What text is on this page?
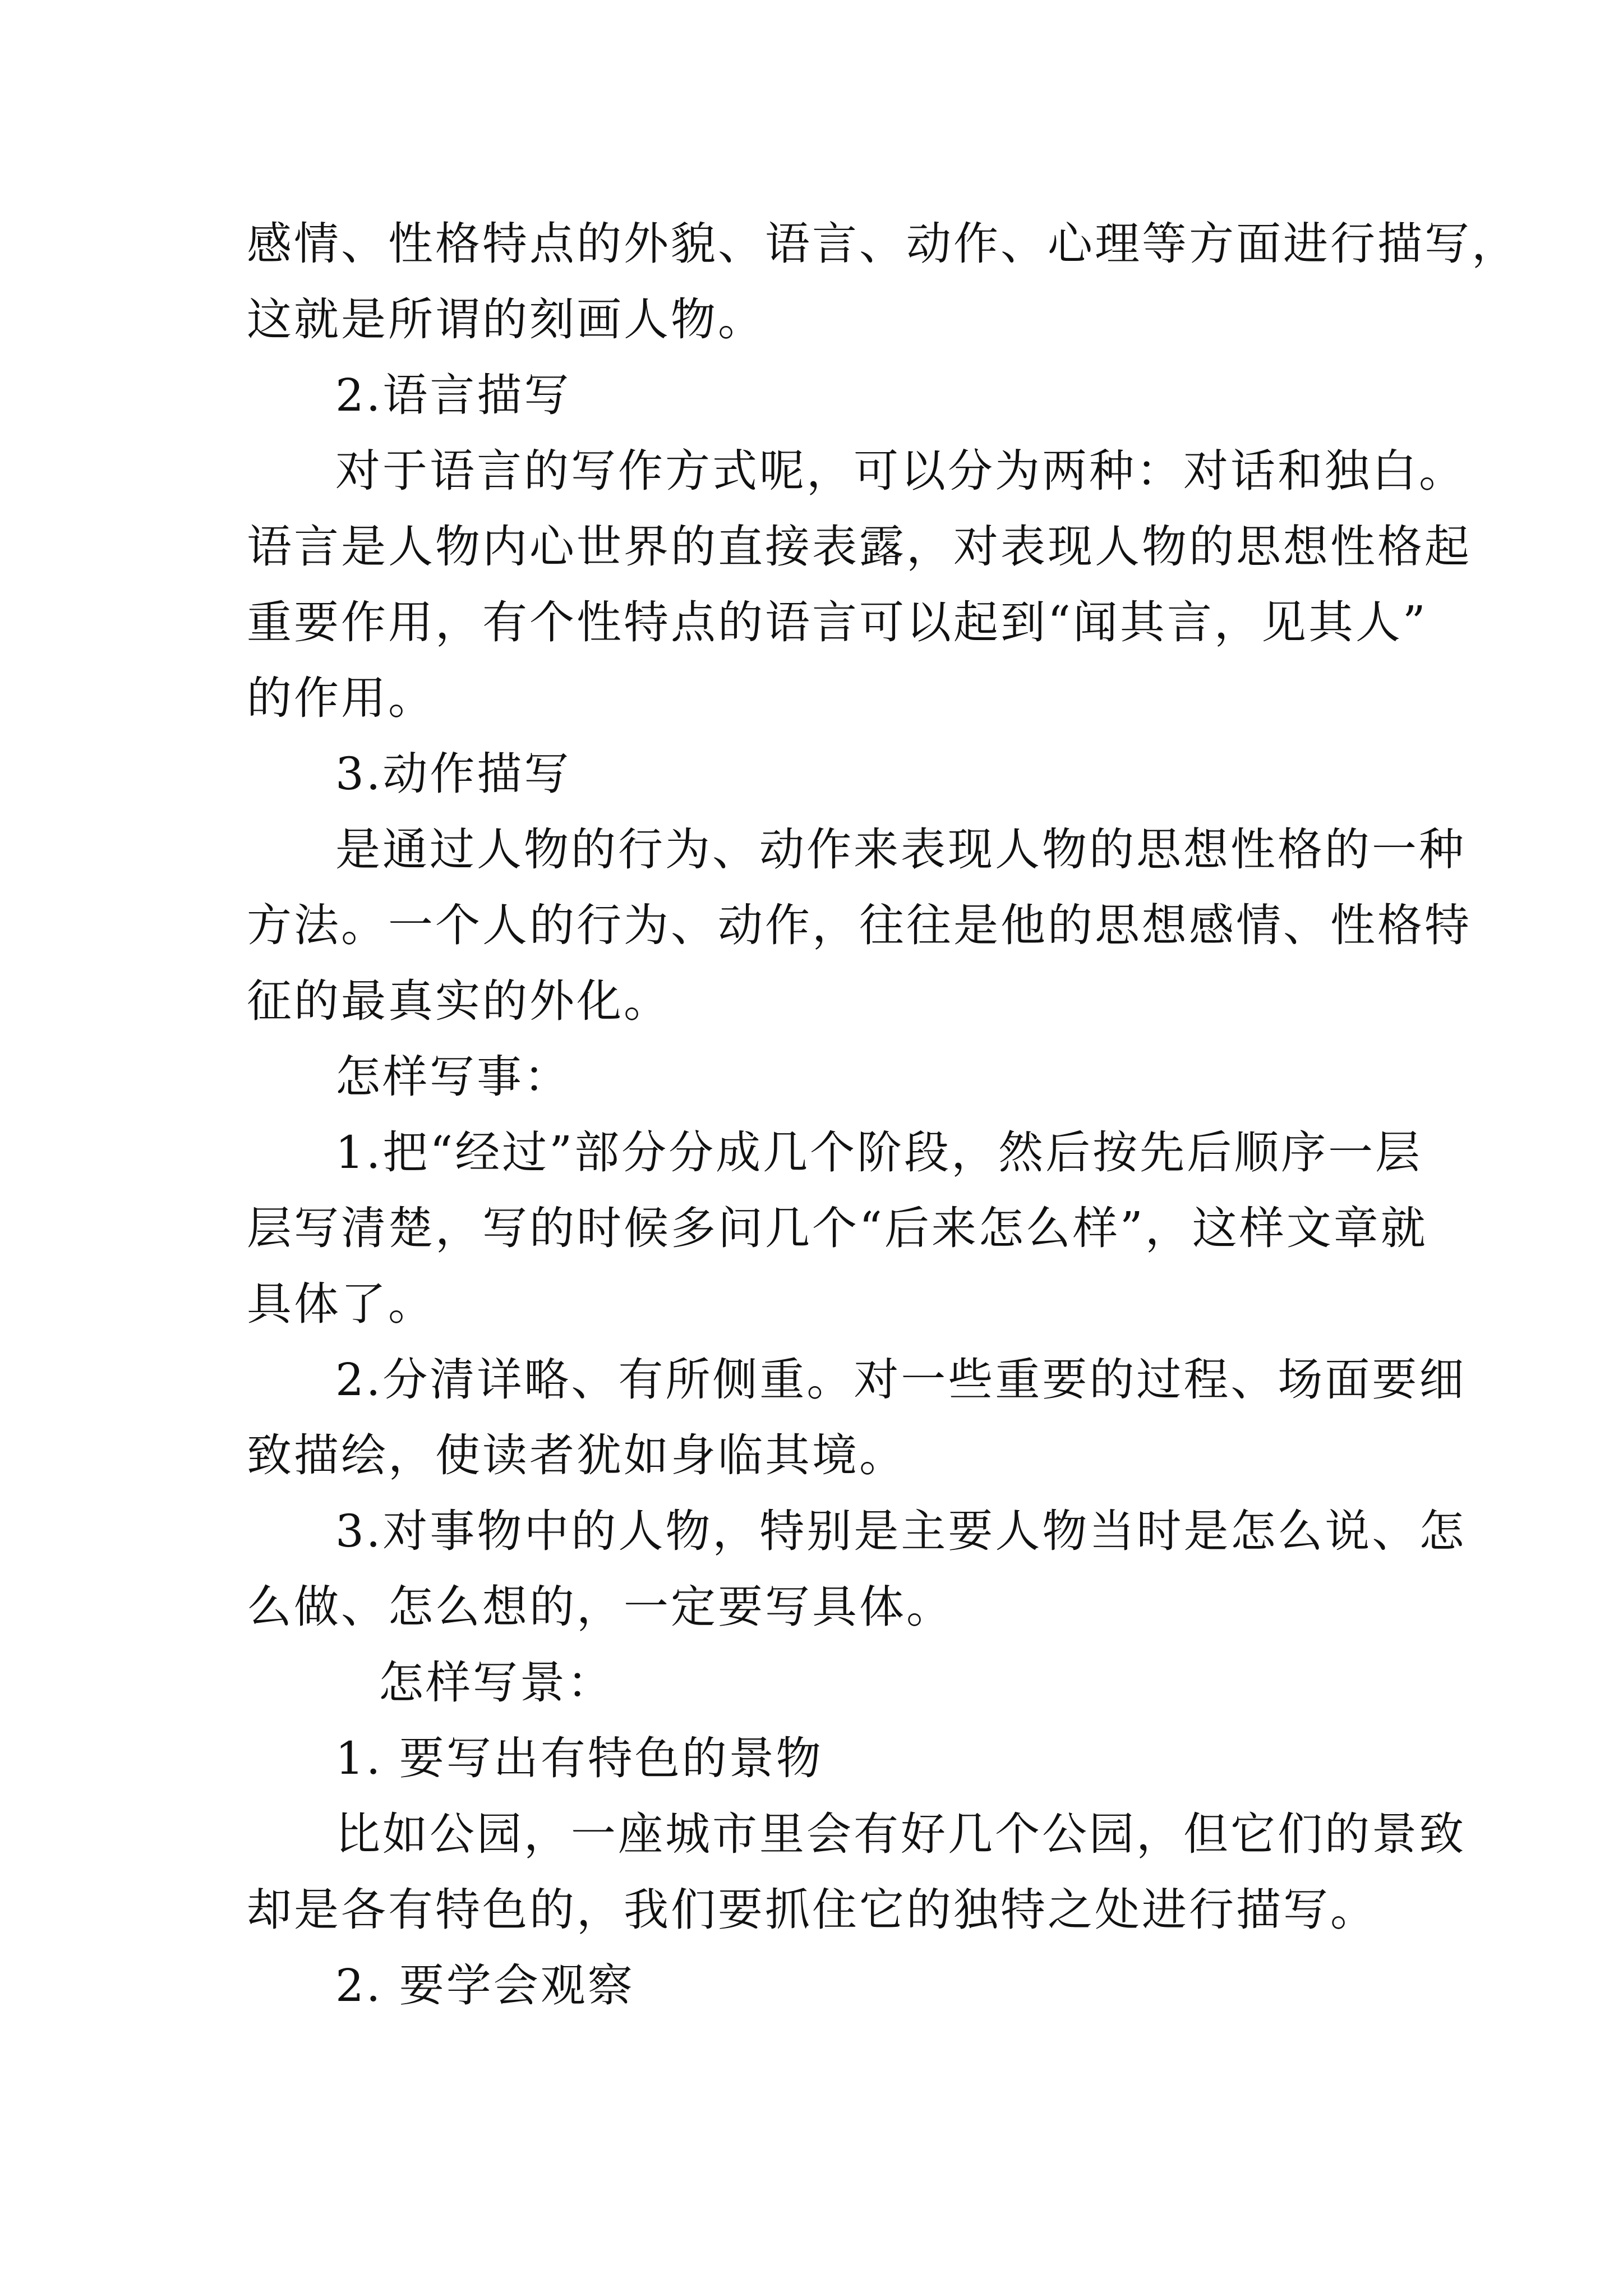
感情、性格特点的外貌、语言、动作、心理等方面进行描写，
这就是所谓的刻画人物。
2.语言描写
对于语言的写作方式呢，可以分为两种：对话和独白。
语言是人物内心世界的直接表露，对表现人物的思想性格起
重要作用，有个性特点的语言可以起到“闻其言，见其人”
的作用。
3.动作描写
是通过人物的行为、动作来表现人物的思想性格的一种
方法。一个人的行为、动作，往往是他的思想感情、性格特
征的最真实的外化。
怎样写事：
1.把“经过”部分分成几个阶段，然后按先后顺序一层
层写清楚，写的时候多问几个“后来怎么样”，这样文章就
具体了。
2.分清详略、有所侧重。对一些重要的过程、场面要细
致描绘，使读者犹如身临其境。
3.对事物中的人物，特别是主要人物当时是怎么说、怎
么做、怎么想的，一定要写具体。
怎样写景：
1. 要写出有特色的景物
比如公园，一座城市里会有好几个公园，但它们的景致
却是各有特色的，我们要抓住它的独特之处进行描写。
2. 要学会观察
